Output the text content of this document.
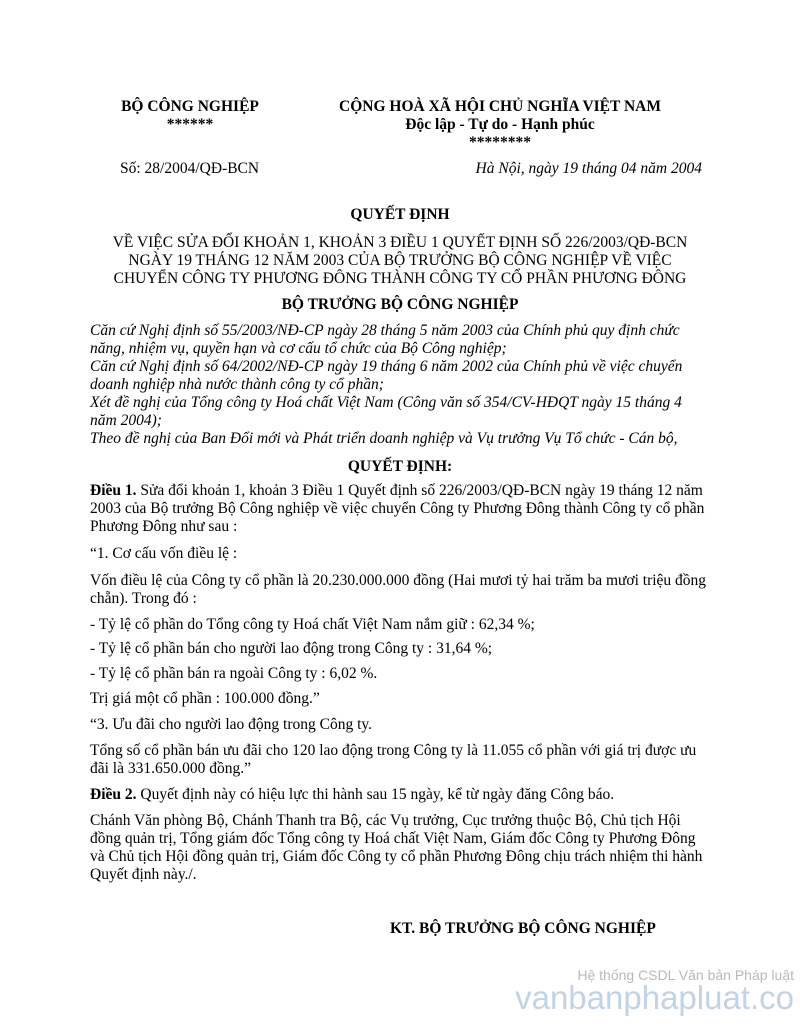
BỘ CÔNG NGHIỆP
******
CỘNG HOÀ XÃ HỘI CHỦ NGHĨA VIỆT NAM
Độc lập - Tự do - Hạnh phúc
********
Số: 28/2004/QĐ-BCN	Hà Nội, ngày 19 tháng 04 năm 2004
QUYẾT ĐỊNH
VỀ VIỆC SỬA ĐỔI KHOẢN 1, KHOẢN 3 ĐIỀU 1 QUYẾT ĐỊNH SỐ 226/2003/QĐ-BCN
NGÀY 19 THÁNG 12 NĂM 2003 CỦA BỘ TRƯỞNG BỘ CÔNG NGHIỆP VỀ VIỆC
CHUYỂN CÔNG TY PHƯƠNG ĐÔNG THÀNH CÔNG TY CỔ PHẦN PHƯƠNG ĐÔNG
BỘ TRƯỞNG BỘ CÔNG NGHIỆP

Căn cứ Nghị định số 55/2003/NĐ-CP ngày 28 tháng 5 năm 2003 của Chính phủ quy định chức năng, nhiệm vụ, quyền hạn và cơ cấu tổ chức của Bộ Công nghiệp;

Căn cứ Nghị định số 64/2002/NĐ-CP ngày 19 tháng 6 năm 2002 của Chính phủ về việc chuyển doanh nghiệp nhà nước thành công ty cổ phần;

Xét đề nghị của Tổng công ty Hoá chất Việt Nam (Công văn số 354/CV-HĐQT ngày 15 tháng 4 năm 2004);

Theo đề nghị của Ban Đổi mới và Phát triển doanh nghiệp và Vụ trưởng Vụ Tổ chức - Cán bộ,

QUYẾT ĐỊNH:
Điều 1. Sửa đổi khoản 1, khoản 3 Điều 1 Quyết định số 226/2003/QĐ-BCN ngày 19 tháng 12 năm 2003 của Bộ trưởng Bộ Công nghiệp về việc chuyển Công ty Phương Đông thành Công ty cổ phần Phương Đông như sau :
“1. Cơ cấu vốn điều lệ :
Vốn điều lệ của Công ty cổ phần là 20.230.000.000 đồng (Hai mươi tỷ hai trăm ba mươi triệu đồng chẵn). Trong đó :
- Tỷ lệ cổ phần do Tổng công ty Hoá chất Việt Nam nắm giữ : 62,34 %;
- Tỷ lệ cổ phần bán cho người lao động trong Công ty : 31,64 %;
- Tỷ lệ cổ phần bán ra ngoài Công ty : 6,02 %.
Trị giá một cổ phần : 100.000 đồng.”
“3. Ưu đãi cho người lao động trong Công ty.
Tổng số cổ phần bán ưu đãi cho 120 lao động trong Công ty là 11.055 cổ phần với giá trị được ưu đãi là 331.650.000 đồng.”
Điều 2. Quyết định này có hiệu lực thi hành sau 15 ngày, kể từ ngày đăng Công báo.
Chánh Văn phòng Bộ, Chánh Thanh tra Bộ, các Vụ trưởng, Cục trưởng thuộc Bộ, Chủ tịch Hội đồng quản trị, Tổng giám đốc Tổng công ty Hoá chất Việt Nam, Giám đốc Công ty Phương Đông và Chủ tịch Hội đồng quản trị, Giám đốc Công ty cổ phần Phương Đông chịu trách nhiệm thi hành Quyết định này./.
KT. BỘ TRƯỞNG BỘ CÔNG NGHIỆP
Hệ thống CSDL Văn bản Pháp luật
vanbanphapluat.co
